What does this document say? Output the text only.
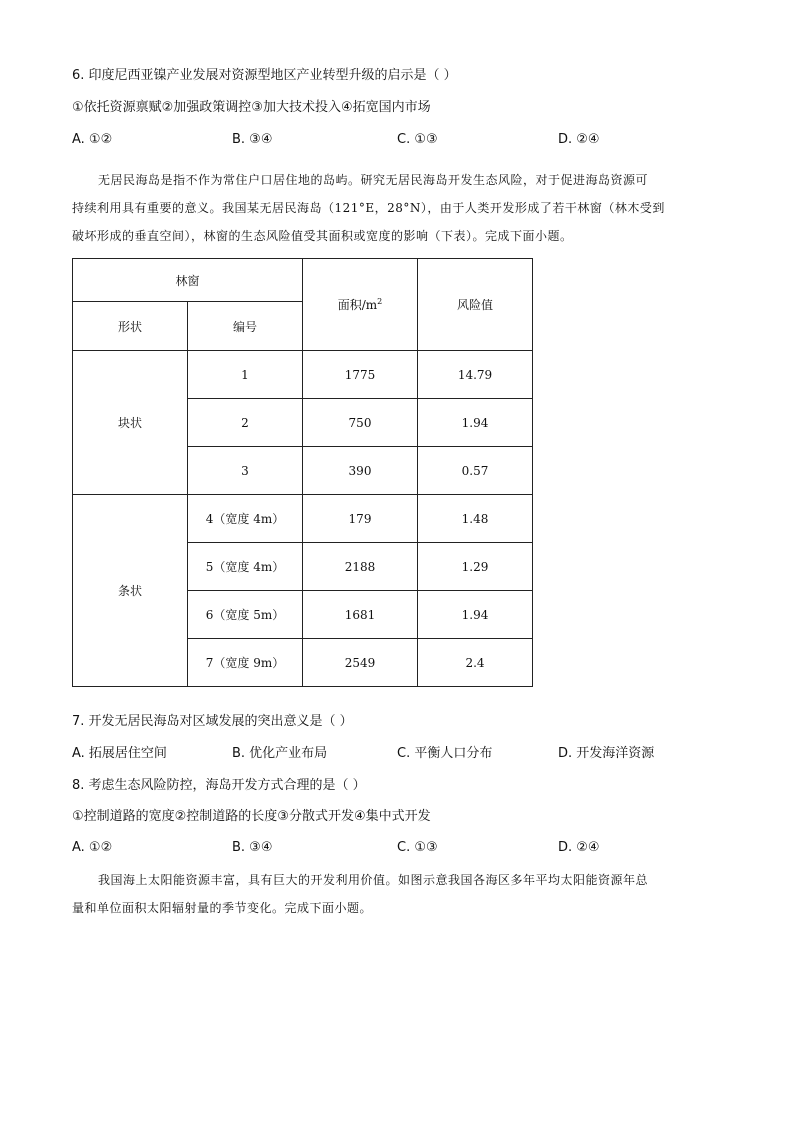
6. 印度尼西亚镍产业发展对资源型地区产业转型升级的启示是（ ）
①依托资源禀赋②加强政策调控③加大技术投入④拓宽国内市场
A. ①②	B. ③④	C. ①③	D. ②④

无居民海岛是指不作为常住户口居住地的岛屿。研究无居民海岛开发生态风险，对于促进海岛资源可

持续利用具有重要的意义。我国某无居民海岛（121°E，28°N），由于人类开发形成了若干林窗（林木受到

破坏形成的垂直空间），林窗的生态风险值受其面积或宽度的影响（下表）。完成下面小题。

林窗		面积$/m^2$	风险值
形状	编号		
块状	1	1775	14.79
	2	750	1.94
	3	390	0.57
条状	4（宽度 4m）	179	1.48
	5（宽度 4m）	2188	1.29
	6（宽度 5m）	1681	1.94
	7（宽度 9m）	2549	2.4
7. 开发无居民海岛对区域发展的突出意义是（ ）
A. 拓展居住空间	B. 优化产业布局	C. 平衡人口分布	D. 开发海洋资源
8. 考虑生态风险防控，海岛开发方式合理的是（ ）
①控制道路的宽度②控制道路的长度③分散式开发④集中式开发
A. ①②	B. ③④	C. ①③	D. ②④

我国海上太阳能资源丰富，具有巨大的开发利用价值。如图示意我国各海区多年平均太阳能资源年总

量和单位面积太阳辐射量的季节变化。完成下面小题。
